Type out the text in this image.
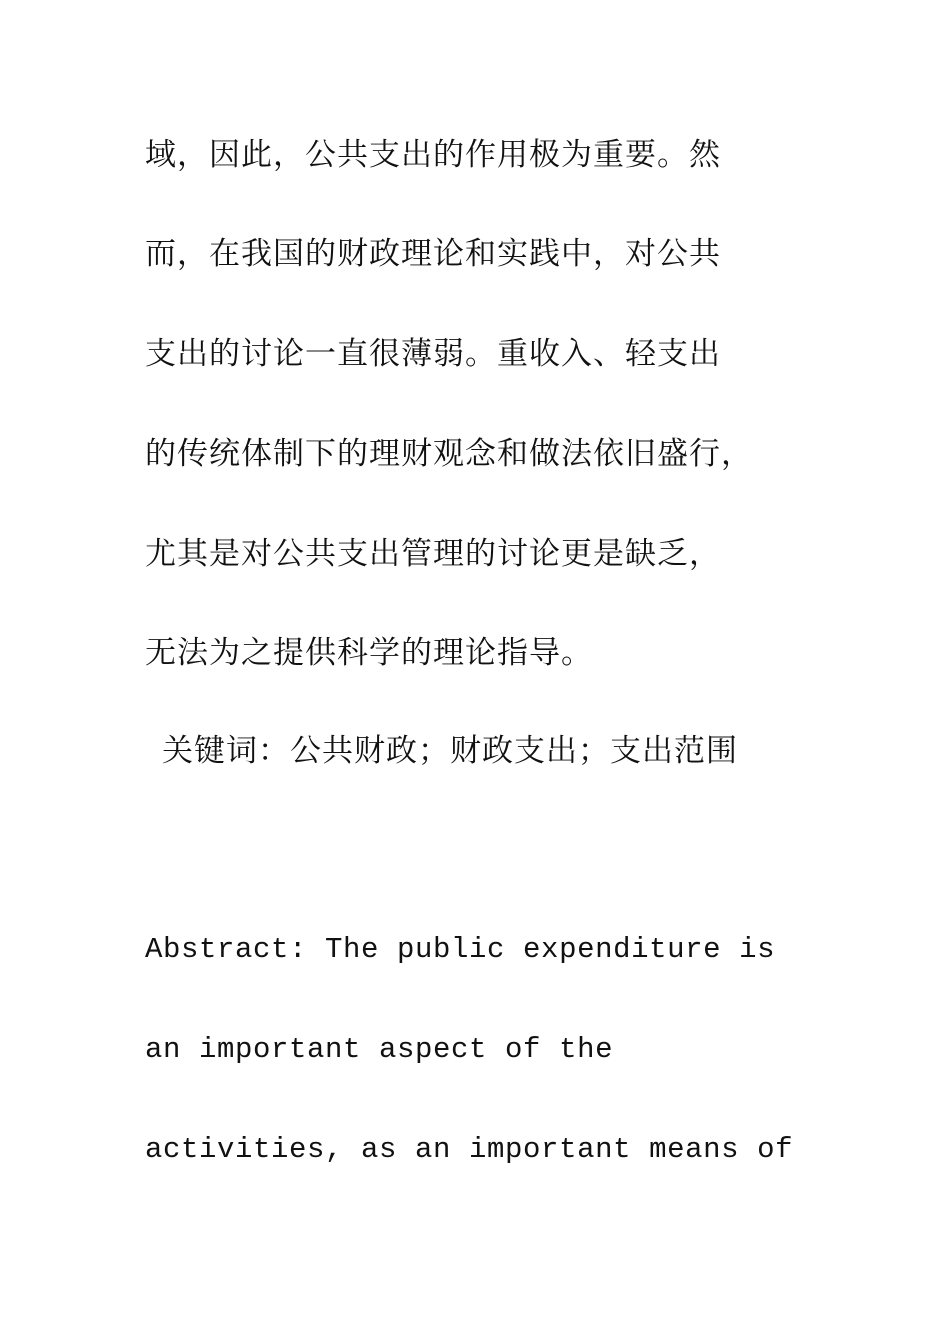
域，因此，公共支出的作用极为重要。然
而，在我国的财政理论和实践中，对公共
支出的讨论一直很薄弱。重收入、轻支出
的传统体制下的理财观念和做法依旧盛行，
尤其是对公共支出管理的讨论更是缺乏，
无法为之提供科学的理论指导。
关键词：公共财政；财政支出；支出范围
Abstract: The public expenditure is
an important aspect of the
activities, as an important means of
